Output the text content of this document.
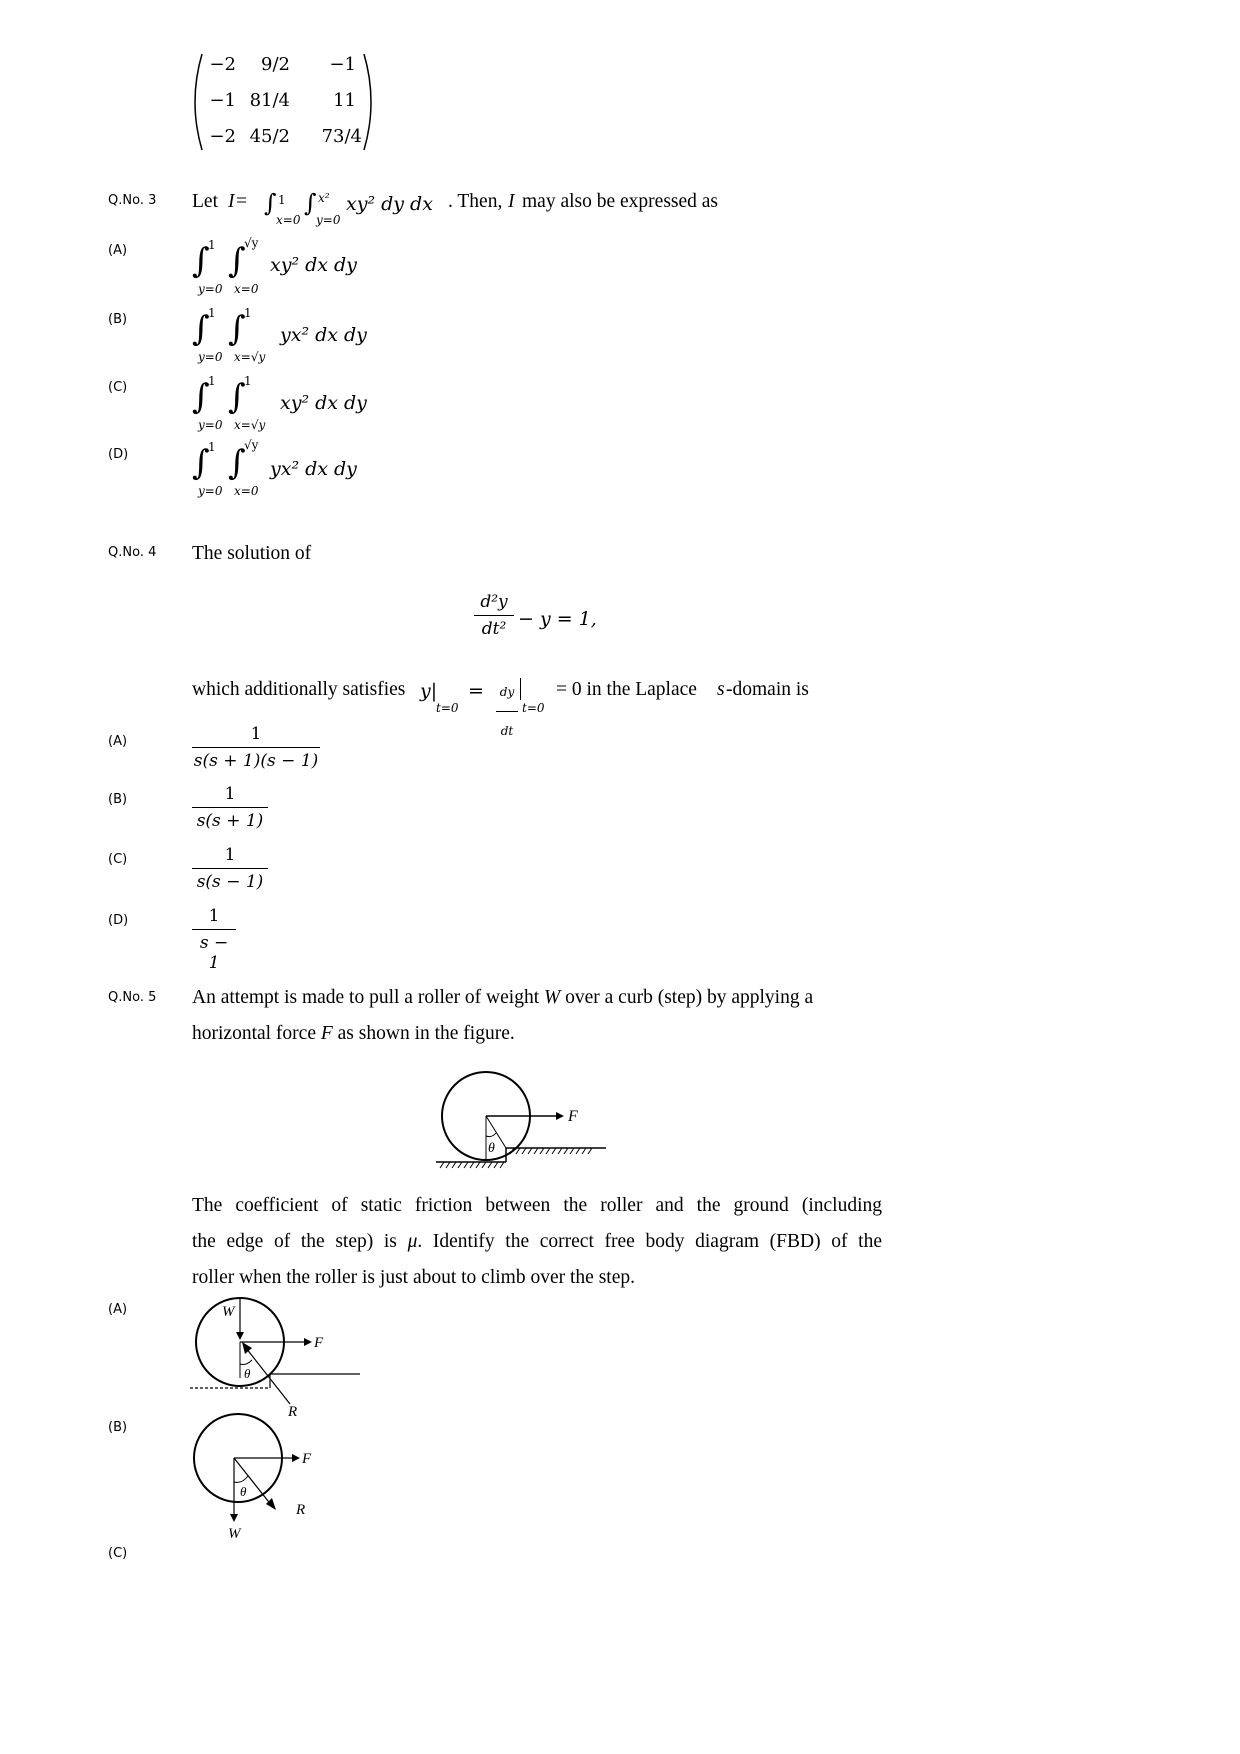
−2	9/2	−1
−1 81/4	11
−2 45/2	73/4
Q.No. 3 Let I = ∫ 1
x=0
∫ x²
y=0
xy² dy dx . Then, I may also be expressed as
(A) ∫
1
y=0
∫
√y
x=0
xy² dx dy
(B) ∫
1
y=0
∫
1
x=√y
yx² dx dy
(C) ∫
1
y=0
∫
1
x=√y
xy² dx dy
(D) ∫
1
y=0
∫
√y
x=0
yx² dx dy
Q.No. 4 The solution of
d²y
dt² − y = 1,
which additionally satisfies y|
t=0
=	dy
dt
t=0
= 0 in the Laplace s -domain is
(A)	1
s(s + 1)(s − 1)
(B)	1
s(s + 1)
(C)	1
s(s − 1)
(D)	1
s − 1
Q.No. 5 An attempt is made to pull a roller of weight W over a curb (step) by applying a
horizontal force F as shown in the figure.
F
θ
The coefficient of static friction between the roller and the ground (including
the edge of the step) is μ. Identify the correct free body diagram (FBD) of the
roller when the roller is just about to climb over the step.
(A)	W
F
θ
R
(B)
F
W
θ
R
(C)
